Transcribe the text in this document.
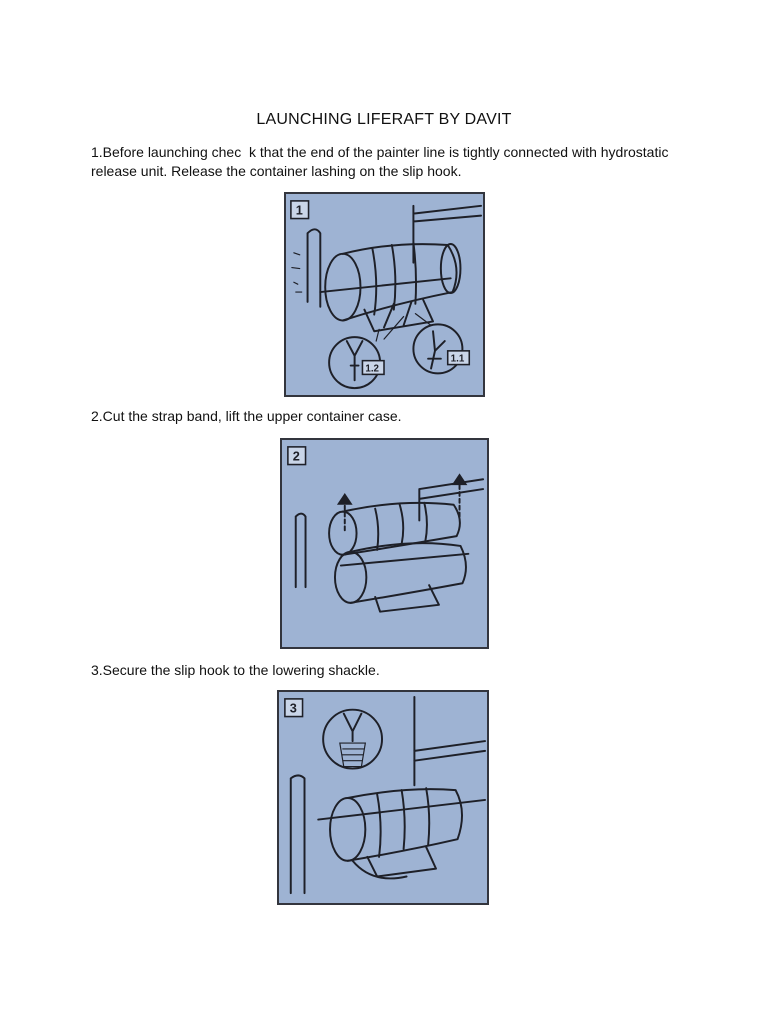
LAUNCHING LIFERAFT BY DAVIT
1.Before launching chec  k that the end of the painter line is tightly connected with hydrostatic release unit. Release the container lashing on the slip hook.
1
1.2
1.1
2.Cut the strap band, lift the upper container case.
2
3.Secure the slip hook to the lowering shackle.
3
